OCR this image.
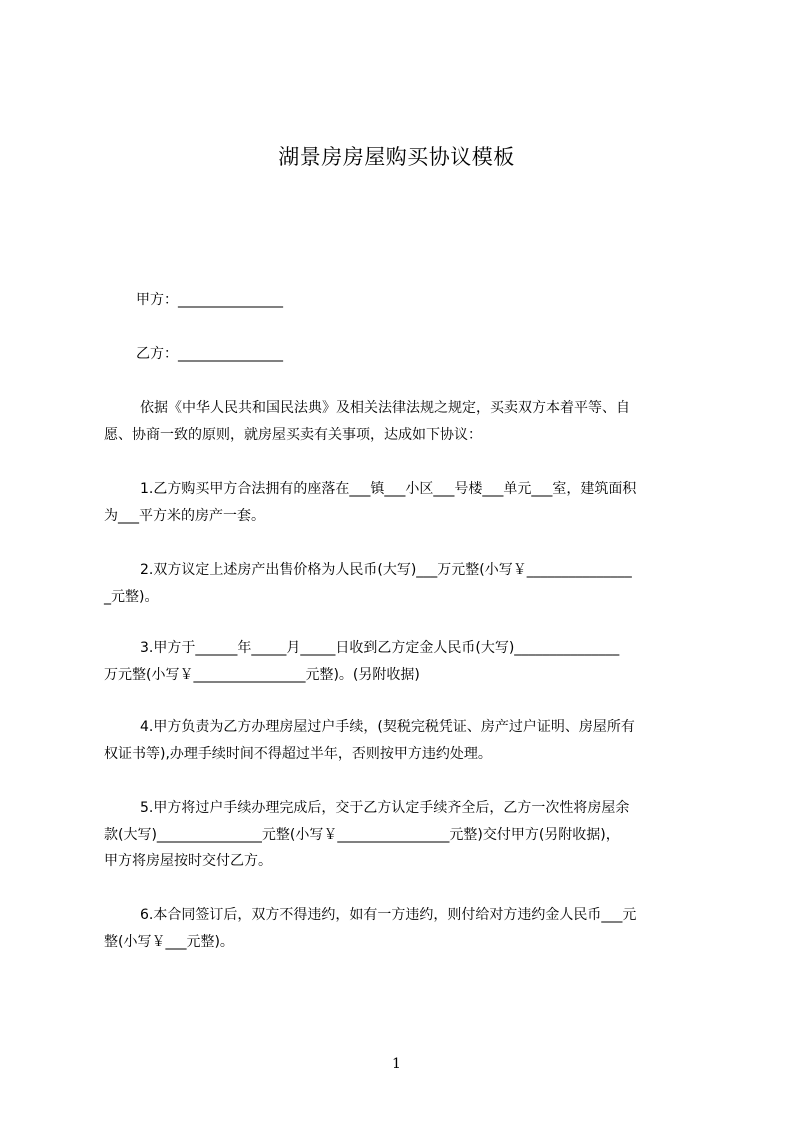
湖景房房屋购买协议模板
甲方：_______________
乙方：_______________
依据《中华人民共和国民法典》及相关法律法规之规定，买卖双方本着平等、自
愿、协商一致的原则，就房屋买卖有关事项，达成如下协议：
1.乙方购买甲方合法拥有的座落在___镇___小区___号楼___单元___室，建筑面积
为___平方米的房产一套。
2.双方议定上述房产出售价格为人民币(大写)___万元整(小写￥_______________
_元整)。
3.甲方于______年_____月_____日收到乙方定金人民币(大写)_______________
万元整(小写￥________________元整)。(另附收据)
4.甲方负责为乙方办理房屋过户手续，(契税完税凭证、房产过户证明、房屋所有
权证书等),办理手续时间不得超过半年，否则按甲方违约处理。
5.甲方将过户手续办理完成后，交于乙方认定手续齐全后，乙方一次性将房屋余
款(大写)_______________元整(小写￥________________元整)交付甲方(另附收据)，
甲方将房屋按时交付乙方。
6.本合同签订后，双方不得违约，如有一方违约，则付给对方违约金人民币___元
整(小写￥___元整)。
1
